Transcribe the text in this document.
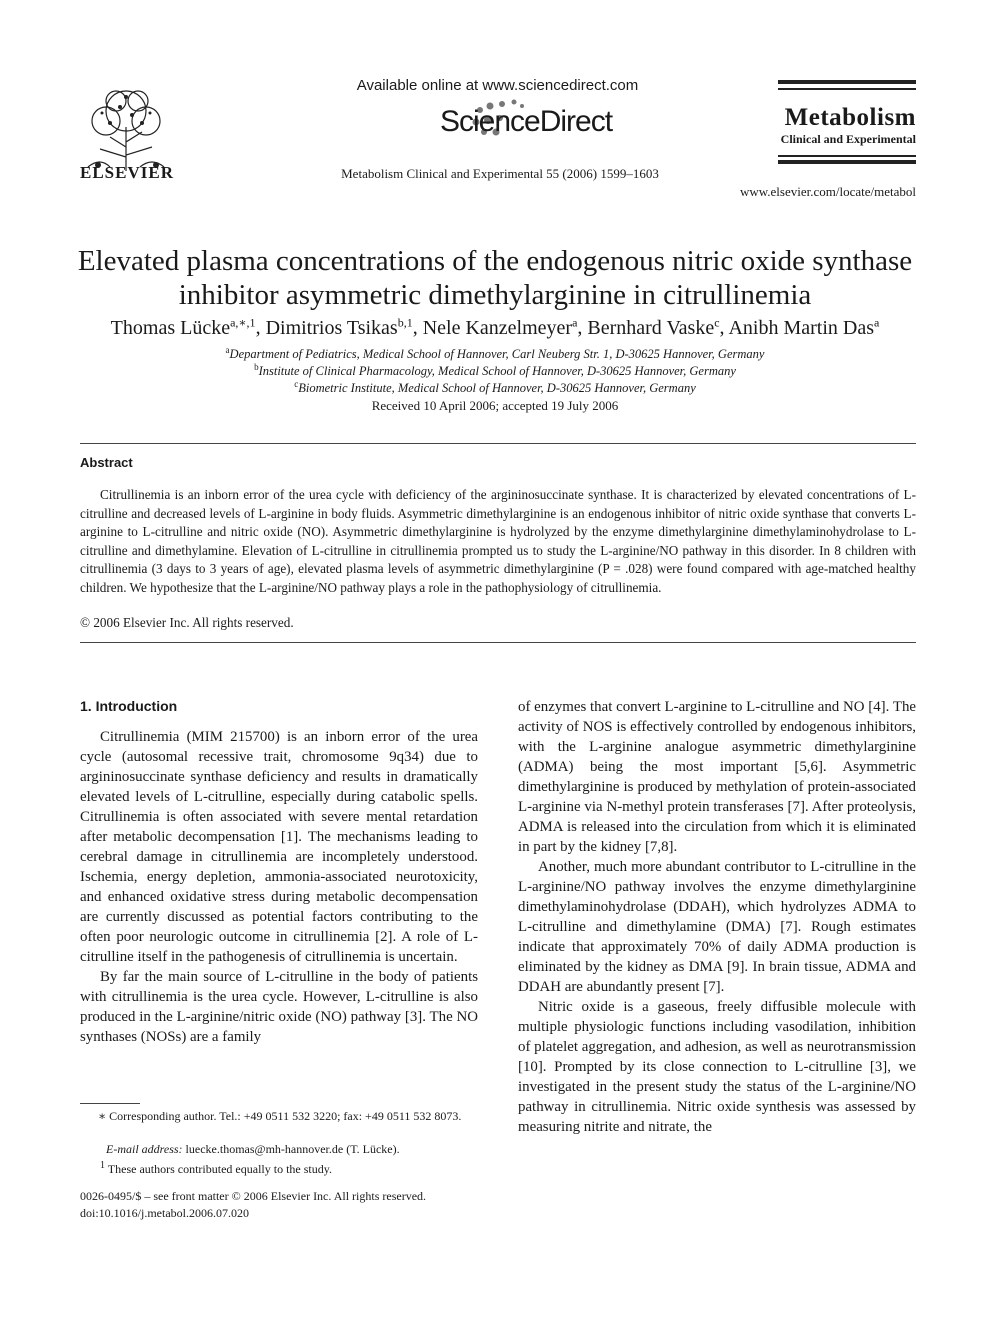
ELSEVIER
Available online at www.sciencedirect.com
ScienceDirect
Metabolism Clinical and Experimental 55 (2006) 1599–1603
Metabolism
Clinical and Experimental
www.elsevier.com/locate/metabol
Elevated plasma concentrations of the endogenous nitric oxide synthase
inhibitor asymmetric dimethylarginine in citrullinemia
Thomas Lücke$^{a,∗,1}$, Dimitrios Tsikas$^{b,1}$, Nele Kanzelmeyer$^a$, Bernhard Vaske$^c$, Anibh Martin Das$^a$
$^a$Department of Pediatrics, Medical School of Hannover, Carl Neuberg Str. 1, D-30625 Hannover, Germany
$^b$Institute of Clinical Pharmacology, Medical School of Hannover, D-30625 Hannover, Germany
$^c$Biometric Institute, Medical School of Hannover, D-30625 Hannover, Germany
Received 10 April 2006; accepted 19 July 2006
Abstract
Citrullinemia is an inborn error of the urea cycle with deficiency of the argininosuccinate synthase. It is characterized by elevated concentrations of L-citrulline and decreased levels of L-arginine in body fluids. Asymmetric dimethylarginine is an endogenous inhibitor of nitric oxide synthase that converts L-arginine to L-citrulline and nitric oxide (NO). Asymmetric dimethylarginine is hydrolyzed by the enzyme dimethylarginine dimethylaminohydrolase to L-citrulline and dimethylamine. Elevation of L-citrulline in citrullinemia prompted us to study the L-arginine/NO pathway in this disorder. In 8 children with citrullinemia (3 days to 3 years of age), elevated plasma levels of asymmetric dimethylarginine (P = .028) were found compared with age-matched healthy children. We hypothesize that the L-arginine/NO pathway plays a role in the pathophysiology of citrullinemia.
© 2006 Elsevier Inc. All rights reserved.
1. Introduction

Citrullinemia (MIM 215700) is an inborn error of the urea cycle (autosomal recessive trait, chromosome 9q34) due to argininosuccinate synthase deficiency and results in dramatically elevated levels of L-citrulline, especially during catabolic spells. Citrullinemia is often associated with severe mental retardation after metabolic decompensation [1]. The mechanisms leading to cerebral damage in citrullinemia are incompletely understood. Ischemia, energy depletion, ammonia-associated neurotoxicity, and enhanced oxidative stress during metabolic decompensation are currently discussed as potential factors contributing to the often poor neurologic outcome in citrullinemia [2]. A role of L-citrulline itself in the pathogenesis of citrullinemia is uncertain.

By far the main source of L-citrulline in the body of patients with citrullinemia is the urea cycle. However, L-citrulline is also produced in the L-arginine/nitric oxide (NO) pathway [3]. The NO synthases (NOSs) are a family

of enzymes that convert L-arginine to L-citrulline and NO [4]. The activity of NOS is effectively controlled by endogenous inhibitors, with the L-arginine analogue asymmetric dimethylarginine (ADMA) being the most important [5,6]. Asymmetric dimethylarginine is produced by methylation of protein-associated L-arginine via N-methyl protein transferases [7]. After proteolysis, ADMA is released into the circulation from which it is eliminated in part by the kidney [7,8].

Another, much more abundant contributor to L-citrulline in the L-arginine/NO pathway involves the enzyme dimethylarginine dimethylaminohydrolase (DDAH), which hydrolyzes ADMA to L-citrulline and dimethylamine (DMA) [7]. Rough estimates indicate that approximately 70% of daily ADMA production is eliminated by the kidney as DMA [9]. In brain tissue, ADMA and DDAH are abundantly present [7].

Nitric oxide is a gaseous, freely diffusible molecule with multiple physiologic functions including vasodilation, inhibition of platelet aggregation, and adhesion, as well as neurotransmission [10]. Prompted by its close connection to L-citrulline [3], we investigated in the present study the status of the L-arginine/NO pathway in citrullinemia. Nitric oxide synthesis was assessed by measuring nitrite and nitrate, the

∗ Corresponding author. Tel.: +49 0511 532 3220; fax: +49 0511 532 8073.
E-mail address: luecke.thomas@mh-hannover.de (T. Lücke).
$^1$ These authors contributed equally to the study.
0026-0495/$ – see front matter © 2006 Elsevier Inc. All rights reserved.
doi:10.1016/j.metabol.2006.07.020
